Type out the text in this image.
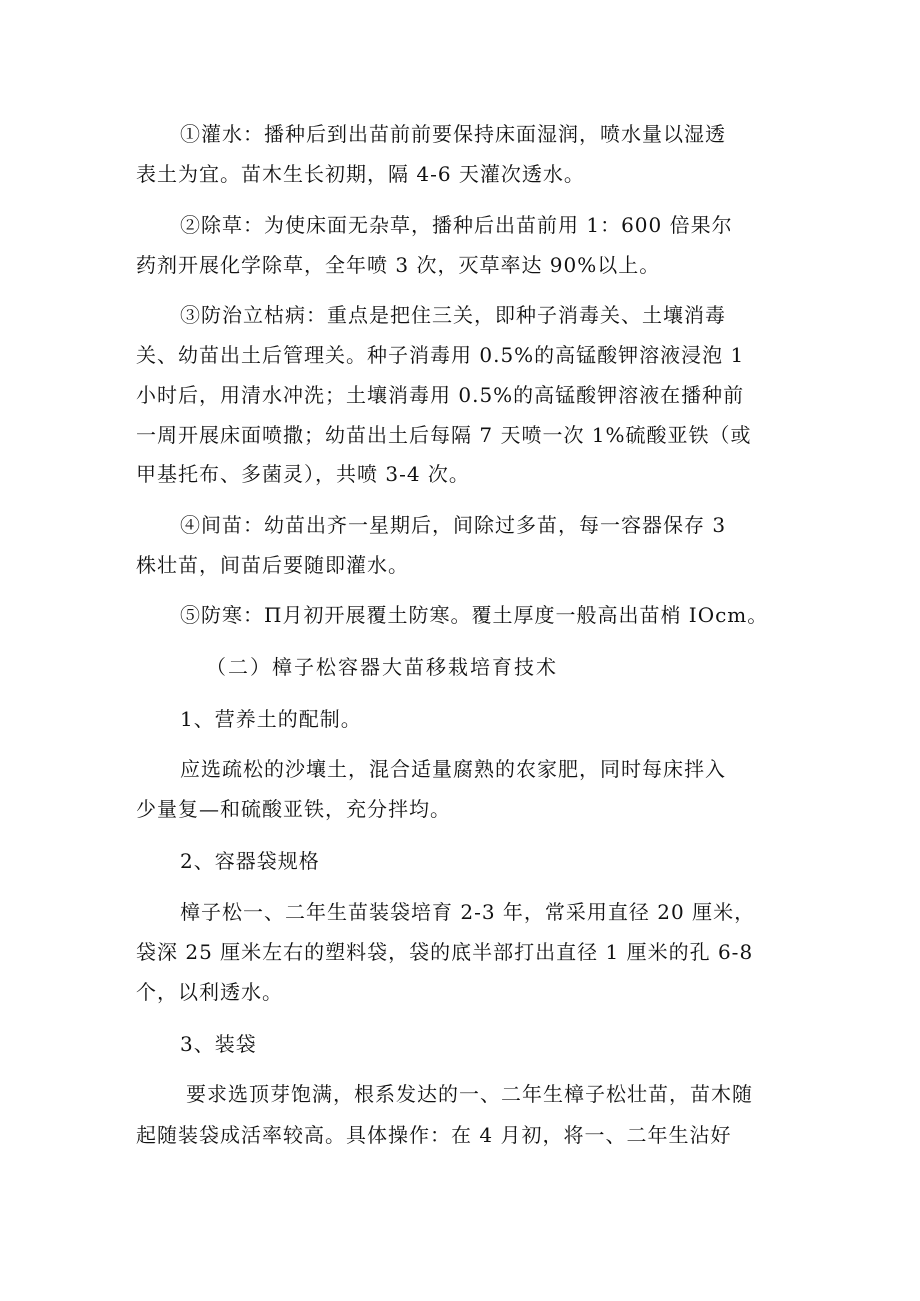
①灌水：播种后到出苗前前要保持床面湿润，喷水量以湿透
表土为宜。苗木生长初期，隔 4-6 天灌次透水。
②除草：为使床面无杂草，播种后出苗前用 1：600 倍果尔
药剂开展化学除草，全年喷 3 次，灭草率达 90%以上。
③防治立枯病：重点是把住三关，即种子消毒关、土壤消毒
关、幼苗出土后管理关。种子消毒用 0.5%的高锰酸钾溶液浸泡 1
小时后，用清水冲洗；土壤消毒用 0.5%的高锰酸钾溶液在播种前
一周开展床面喷撒；幼苗出土后每隔 7 天喷一次 1%硫酸亚铁（或
甲基托布、多菌灵），共喷 3-4 次。
④间苗：幼苗出齐一星期后，间除过多苗，每一容器保存 3
株壮苗，间苗后要随即灌水。
⑤防寒：Π月初开展覆土防寒。覆土厚度一般高出苗梢 IOcm。
（二）樟子松容器大苗移栽培育技术
1、营养土的配制。
应选疏松的沙壤土，混合适量腐熟的农家肥，同时每床拌入
少量复—和硫酸亚铁，充分拌均。
2、容器袋规格
樟子松一、二年生苗装袋培育 2-3 年，常采用直径 20 厘米，
袋深 25 厘米左右的塑料袋，袋的底半部打出直径 1 厘米的孔 6-8
个，以利透水。
3、装袋
要求选顶芽饱满，根系发达的一、二年生樟子松壮苗，苗木随
起随装袋成活率较高。具体操作：在 4 月初，将一、二年生沾好
